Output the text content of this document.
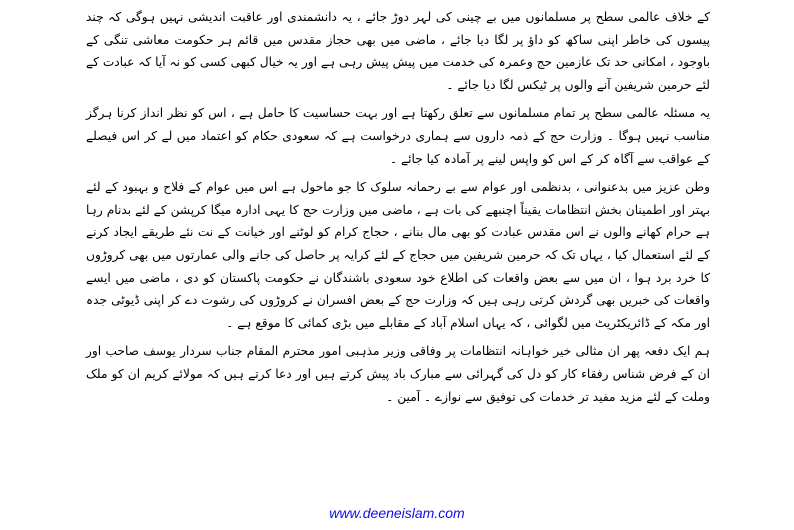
کے خلاف عالمی سطح پر مسلمانوں میں بے چینی کی لہر دوڑ جائے ، یہ دانشمندی اور عاقبت اندیشی نہیں ہوگی کہ چند پیسوں کی خاطر اپنی ساکھ کو داؤ پر لگا دیا جائے ، ماضی میں بھی حجاز مقدس میں قائم ہر حکومت معاشی تنگی کے باوجود ، امکانی حد تک عازمین حج وعمرہ کی خدمت میں پیش پیش رہی ہے اور یہ خیال کبھی کسی کو نہ آیا کہ عبادت کے لئے حرمین شریفین آنے والوں پر ٹیکس لگا دیا جائے ۔

یہ مسئلہ عالمی سطح پر تمام مسلمانوں سے تعلق رکھتا ہے اور بہت حساسیت کا حامل ہے ، اس کو نظر انداز کرنا ہرگز مناسب نہیں ہوگا ۔ وزارت حج کے ذمہ داروں سے ہماری درخواست ہے کہ سعودی حکام کو اعتماد میں لے کر اس فیصلے کے عواقب سے آگاہ کر کے اس کو واپس لینے پر آمادہ کیا جائے ۔

وطن عزیز میں بدعنوانی ، بدنظمی اور عوام سے بے رحمانہ سلوک کا جو ماحول ہے اس میں عوام کے فلاح و بہبود کے لئے بہتر اور اطمینان بخش انتظامات یقیناً اچنبھے کی بات ہے ، ماضی میں وزارت حج کا یہی ادارہ میگا کرپشن کے لئے بدنام رہا ہے حرام کھانے والوں نے اس مقدس عبادت کو بھی مال بنانے ، حجاج کرام کو لوٹنے اور خیانت کے نت نئے طریقے ایجاد کرنے کے لئے استعمال کیا ، یہاں تک کہ حرمین شریفین میں حجاج کے لئے کرایہ پر حاصل کی جانے والی عمارتوں میں بھی کروڑوں کا خرد برد ہوا ، ان میں سے بعض واقعات کی اطلاع خود سعودی باشندگان نے حکومت پاکستان کو دی ، ماضی میں ایسے واقعات کی خبریں بھی گردش کرتی رہی ہیں کہ وزارت حج کے بعض افسران نے کروڑوں کی رشوت دے کر اپنی ڈیوٹی جدہ اور مکہ کے ڈائریکٹریٹ میں لگوائی ، کہ یہاں اسلام آباد کے مقابلے میں بڑی کمائی کا موقع ہے ۔

ہم ایک دفعہ پھر ان مثالی خیر خواہانہ انتظامات پر وفاقی وزیر مذہبی امور محترم المقام جناب سردار یوسف صاحب اور ان کے فرض شناس رفقاء کار کو دل کی گہرائی سے مبارک باد پیش کرتے ہیں اور دعا کرتے ہیں کہ مولائے کریم ان کو ملک وملت کے لئے مزید مفید تر خدمات کی توفیق سے نوازے ۔ آمین ۔

www.deeneislam.com
